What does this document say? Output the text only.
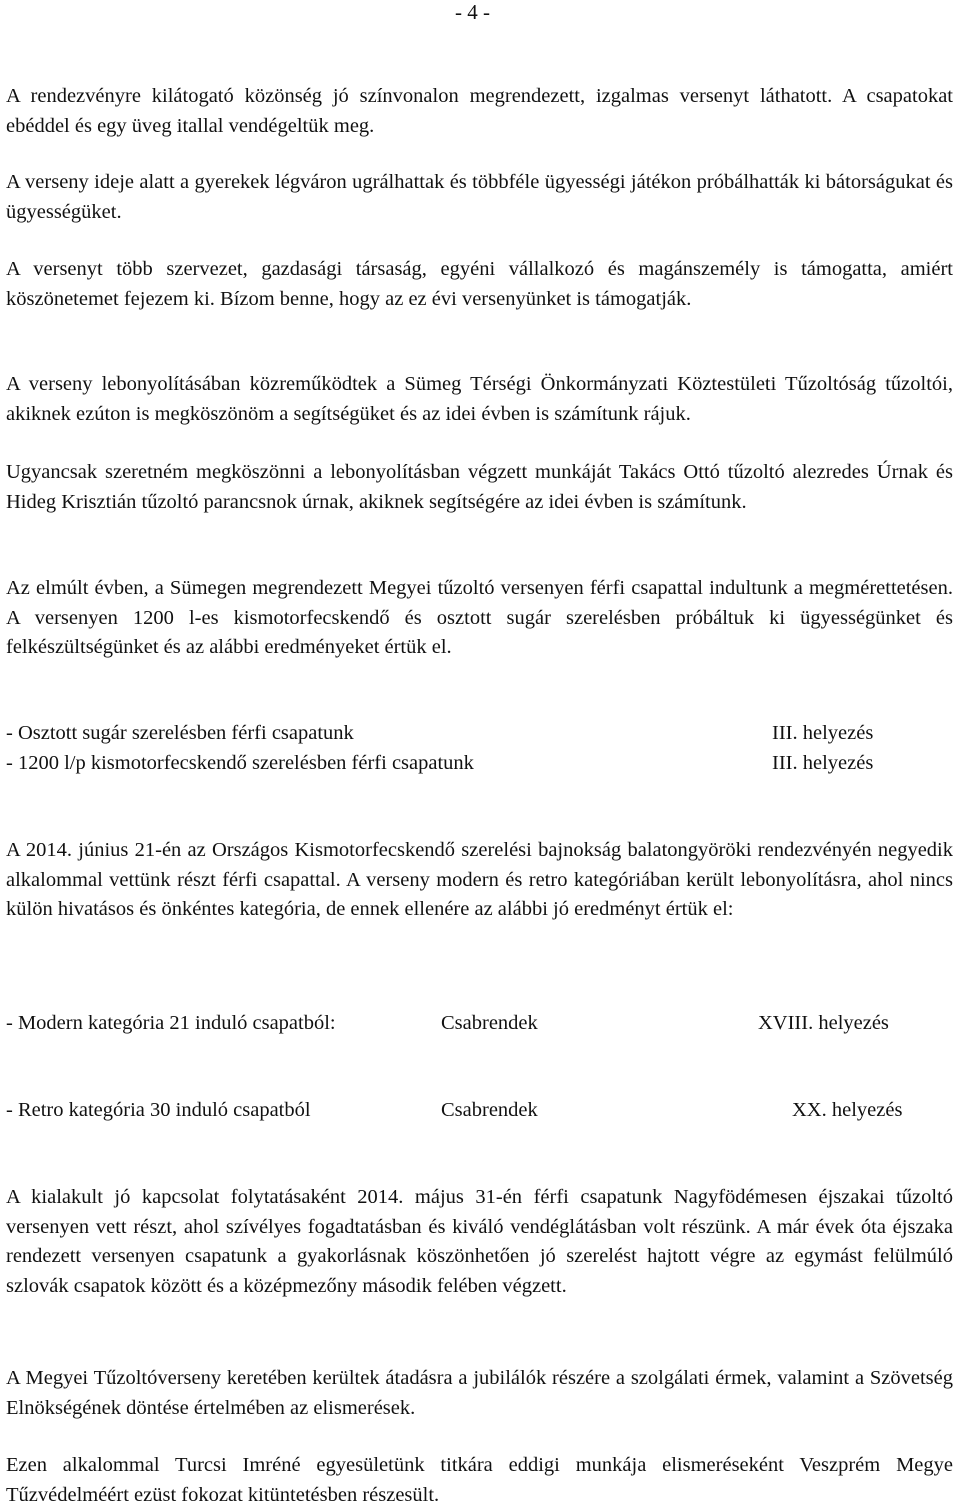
- 4 -

A rendezvényre kilátogató közönség jó színvonalon megrendezett, izgalmas versenyt láthatott. A csapatokat ebéddel és egy üveg itallal vendégeltük meg.

A verseny ideje alatt a gyerekek légváron ugrálhattak és többféle ügyességi játékon próbálhatták ki bátorságukat és ügyességüket.

A versenyt több szervezet, gazdasági társaság, egyéni vállalkozó és magánszemély is támogatta, amiért köszönetemet fejezem ki. Bízom benne, hogy az ez évi versenyünket is támogatják.

A verseny lebonyolításában közreműködtek a Sümeg Térségi Önkormányzati Köztestületi Tűzoltóság tűzoltói, akiknek ezúton is megköszönöm a segítségüket és az idei évben is számítunk rájuk.

Ugyancsak szeretném megköszönni a lebonyolításban végzett munkáját Takács Ottó tűzoltó alezredes Úrnak és Hideg Krisztián tűzoltó parancsnok úrnak, akiknek segítségére az idei évben is számítunk.

Az elmúlt évben, a Sümegen megrendezett Megyei tűzoltó versenyen férfi csapattal indultunk a megmérettetésen. A versenyen 1200 l-es kismotorfecskendő és osztott sugár szerelésben próbáltuk ki ügyességünket és felkészültségünket és az alábbi eredményeket értük el.

- Osztott sugár szerelésben férfi csapatunk	III. helyezés
- 1200 l/p kismotorfecskendő szerelésben férfi csapatunk	III. helyezés

A 2014. június 21-én az Országos Kismotorfecskendő szerelési bajnokság balatongyöröki rendezvényén negyedik alkalommal vettünk részt férfi csapattal. A verseny modern és retro kategóriában került lebonyolításra, ahol nincs külön hivatásos és önkéntes kategória, de ennek ellenére az alábbi jó eredményt értük el:

- Modern kategória 21 induló csapatból:	Csabrendek	XVIII. helyezés
- Retro kategória 30 induló csapatból	Csabrendek	XX. helyezés

A kialakult jó kapcsolat folytatásaként 2014. május 31-én férfi csapatunk Nagyfödémesen éjszakai tűzoltó versenyen vett részt, ahol szívélyes fogadtatásban és kiváló vendéglátásban volt részünk. A már évek óta éjszaka rendezett versenyen csapatunk a gyakorlásnak köszönhetően jó szerelést hajtott végre az egymást felülmúló szlovák csapatok között és a középmezőny második felében végzett.

A Megyei Tűzoltóverseny keretében kerültek átadásra a jubilálók részére a szolgálati érmek, valamint a Szövetség Elnökségének döntése értelmében az elismerések.

Ezen alkalommal Turcsi Imréné egyesületünk titkára eddigi munkája elismeréseként Veszprém Megye Tűzvédelméért ezüst fokozat kitüntetésben részesült.
